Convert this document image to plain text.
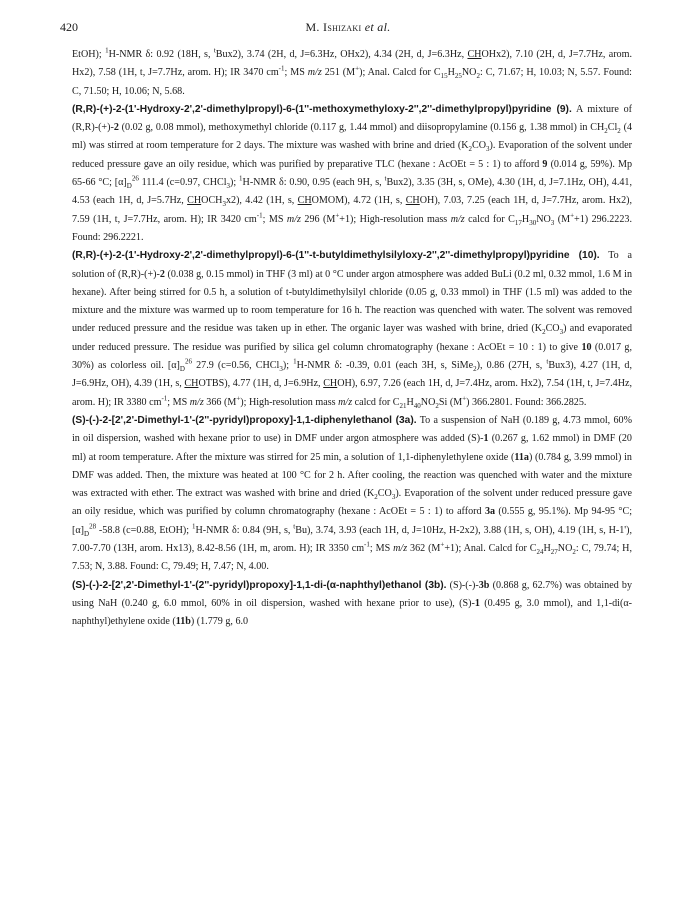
420	M. Ishizaki et al.

EtOH); $^1$H-NMR δ: 0.92 (18H, s, $^t$Bux2), 3.74 (2H, d, J=6.3Hz, OHx2), 4.34 (2H, d, J=6.3Hz, CHOHx2), 7.10 (2H, d, J=7.7Hz, arom. Hx2), 7.58 (1H, t, J=7.7Hz, arom. H); IR 3470 $cm^{-1}$; MS m/z 251 (M+); Anal. Calcd for $C_{15}H_{25}NO_2$: C, 71.67; H, 10.03; N, 5.57. Found: C, 71.50; H, 10.06; N, 5.68.

(R,R)-(+)-2-(1'-Hydroxy-2',2'-dimethylpropyl)-6-(1''-methoxymethyloxy-2'',2''-dimethylpropyl)pyridine (9). A mixture of (R,R)-(+)-2 (0.02 g, 0.08 mmol), methoxymethyl chloride (0.117 g, 1.44 mmol) and diisopropylamine (0.156 g, 1.38 mmol) in $CH_2Cl_2$ (4 ml) was stirred at room temperature for 2 days. The mixture was washed with brine and dried $(K_2CO_3)$. Evaporation of the solvent under reduced pressure gave an oily residue, which was purified by preparative TLC (hexane : AcOEt = 5 : 1) to afford 9 (0.014 g, 59%). Mp 65-66 °C; $[\alpha]_D^{26}$ 111.4 (c=0.97, CHCl$_3$); $^1$H-NMR δ: 0.90, 0.95 (each 9H, s, $^t$Bux2), 3.35 (3H, s, OMe), 4.30 (1H, d, J=7.1Hz, OH), 4.41, 4.53 (each 1H, d, J=5.7Hz, $CHOCH_3x2$), 4.42 (1H, s, CHOMOM), 4.72 (1H, s, CHOH), 7.03, 7.25 (each 1H, d, J=7.7Hz, arom. Hx2), 7.59 (1H, t, J=7.7Hz, arom. H); IR 3420 $cm^{-1}$; MS m/z 296 (M++1); High-resolution mass m/z calcd for $C_{17}H_{30}NO_3$ (M++1) 296.2223. Found: 296.2221.

(R,R)-(+)-2-(1'-Hydroxy-2',2'-dimethylpropyl)-6-(1''-t-butyldimethylsilyloxy-2'',2''-dimethylpropyl)pyridine (10). To a solution of (R,R)-(+)-2 (0.038 g, 0.15 mmol) in THF (3 ml) at 0 °C under argon atmosphere was added BuLi (0.2 ml, 0.32 mmol, 1.6 M in hexane). After being stirred for 0.5 h, a solution of t-butyldimethylsilyl chloride (0.05 g, 0.33 mmol) in THF (1.5 ml) was added to the mixture and the mixture was warmed up to room temperature for 16 h. The reaction was quenched with water. The solvent was removed under reduced pressure and the residue was taken up in ether. The organic layer was washed with brine, dried $(K_2CO_3)$ and evaporated under reduced pressure. The residue was purified by silica gel column chromatography (hexane : AcOEt = 10 : 1) to give 10 (0.017 g, 30%) as colorless oil. $[\alpha]_D^{26}$ 27.9 (c=0.56, CHCl$_3$); $^1$H-NMR δ: -0.39, 0.01 (each 3H, s, SiMe$_2$), 0.86 (27H, s, $^t$Bux3), 4.27 (1H, d, J=6.9Hz, OH), 4.39 (1H, s, CHOTBS), 4.77 (1H, d, J=6.9Hz, CHOH), 6.97, 7.26 (each 1H, d, J=7.4Hz, arom. Hx2), 7.54 (1H, t, J=7.4Hz, arom. H); IR 3380 $cm^{-1}$; MS m/z 366 (M+); High-resolution mass m/z calcd for $C_{21}H_{40}NO_2Si$ (M+) 366.2801. Found: 366.2825.

(S)-(-)-2-[2',2'-Dimethyl-1'-(2''-pyridyl)propoxy]-1,1-diphenylethanol (3a). To a suspension of NaH (0.189 g, 4.73 mmol, 60% in oil dispersion, washed with hexane prior to use) in DMF under argon atmosphere was added (S)-1 (0.267 g, 1.62 mmol) in DMF (20 ml) at room temperature. After the mixture was stirred for 25 min, a solution of 1,1-diphenylethylene oxide (11a) (0.784 g, 3.99 mmol) in DMF was added. Then, the mixture was heated at 100 °C for 2 h. After cooling, the reaction was quenched with water and the mixture was extracted with ether. The extract was washed with brine and dried $(K_2CO_3)$. Evaporation of the solvent under reduced pressure gave an oily residue, which was purified by column chromatography (hexane : AcOEt = 5 : 1) to afford 3a (0.555 g, 95.1%). Mp 94-95 °C; $[\alpha]_D^{28}$ -58.8 (c=0.88, EtOH); $^1$H-NMR δ: 0.84 (9H, s, $^t$Bu), 3.74, 3.93 (each 1H, d, J=10Hz, H-2x2), 3.88 (1H, s, OH), 4.19 (1H, s, H-1'), 7.00-7.70 (13H, arom. Hx13), 8.42-8.56 (1H, m, arom. H); IR 3350 $cm^{-1}$; MS m/z 362 (M++1); Anal. Calcd for $C_{24}H_{27}NO_2$: C, 79.74; H, 7.53; N, 3.88. Found: C, 79.49; H, 7.47; N, 4.00.

(S)-(-)-2-[2',2'-Dimethyl-1'-(2''-pyridyl)propoxy]-1,1-di-(α-naphthyl)ethanol (3b). (S)-(-)-3b (0.868 g, 62.7%) was obtained by using NaH (0.240 g, 6.0 mmol, 60% in oil dispersion, washed with hexane prior to use), (S)-1 (0.495 g, 3.0 mmol), and 1,1-di(α-naphthyl)ethylene oxide (11b) (1.779 g, 6.0
